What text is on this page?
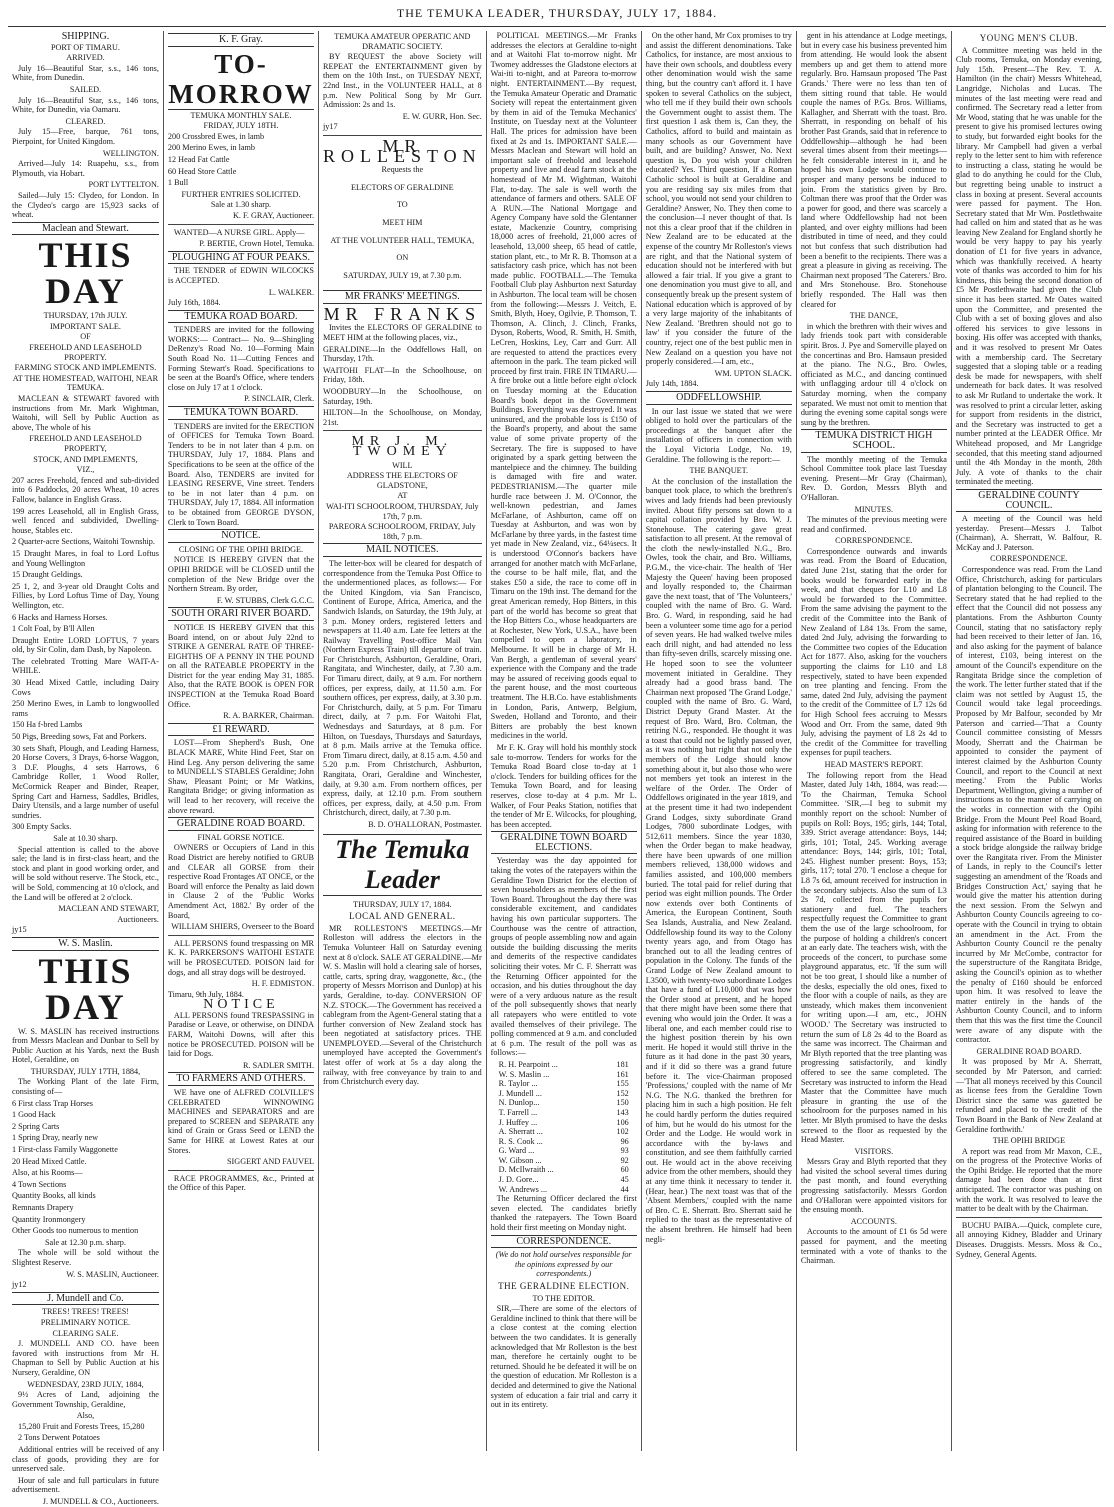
THE TEMUKA LEADER, THURSDAY, JULY 17, 1884.
SHIPPING.
PORT OF TIMARU.
ARRIVED.

July 16—Beautiful Star, s.s., 146 tons, White, from Dunedin.

SAILED.

July 16—Beautiful Star, s.s., 146 tons, White, for Dunedin, via Oamaru.

CLEARED.

July 15—Free, barque, 761 tons, Pierpoint, for United Kingdom.

WELLINGTON.

Arrived—July 14: Ruapehu, s.s., from Plymouth, via Hobart.

PORT LYTTELTON.

Sailed—July 15: Clydeo, for London. In the Clydeo's cargo are 15,923 sacks of wheat.

Maclean and Stewart.
THIS DAY
THURSDAY, 17th JULY.
IMPORTANT SALE.
OF
FREEHOLD AND LEASEHOLD PROPERTY.
FARMING STOCK AND IMPLEMENTS.
AT THE HOMESTEAD, WAITOHI, NEAR TEMUKA.

MACLEAN & STEWART favored with instructions from Mr. Mark Wightman, Waitohi, will Sell by Public Auction as above, The whole of his

FREEHOLD AND LEASEHOLD PROPERTY,
STOCK, AND IMPLEMENTS,
VIZ.,

207 acres Freehold, fenced and sub-divided into 6 Paddocks, 20 acres Wheat, 10 acres Fallow, balance in English Grass.

199 acres Leasehold, all in English Grass, well fenced and subdivided, Dwelling-house, Stables etc.

2 Quarter-acre Sections, Waitohi Township.

15 Draught Mares, in foal to Lord Loftus and Young Wellington

15 Draught Geldings.

25 1, 2, and 3-year old Draught Colts and Fillies, by Lord Loftus Time of Day, Young Wellington, etc.

6 Hacks and Harness Horses.

1 Colt Foal, by B'll Allen

Draught Entire LORD LOFTUS, 7 years old, by Sir Colin, dam Dash, by Napoleon.

The celebrated Trotting Mare WAIT-A-WHILE.

30 Head Mixed Cattle, including Dairy Cows

250 Merino Ewes, in Lamb to longwoolled rams

150 Ha f-bred Lambs

50 Pigs, Breeding sows, Fat and Porkers.

30 sets Shaft, Plough, and Leading Harness, 20 Horse Covers, 3 Drays, 6-horse Waggon, 3 D.F. Ploughs, 4 sets Harrows, 6 Cambridge Roller, 1 Wood Roller, McCormick Reaper and Binder, Reaper, Spring Cart and Harness, Saddles, Bridles, Dairy Utensils, and a large number of useful sundries.

300 Empty Sacks.

Sale at 10.30 sharp.

Special attention is called to the above sale; the land is in first-class heart, and the stock and plant in good working order, and will be sold without reserve. The Stock, etc., will be Sold, commencing at 10 o'clock, and the Land will be offered at 2 o'clock.

MACLEAN AND STEWART,
Auctioneers.
jy15
W. S. Maslin.
THIS DAY

W. S. MASLIN has received instructions from Messrs Maclean and Dunbar to Sell by Public Auction at his Yards, next the Bush Hotel, Geraldine, on

THURSDAY, JULY 17TH, 1884,

The Working Plant of the late Firm, consisting of—

6 First class Trap Horses

1 Good Hack

2 Spring Carts

1 Spring Dray, nearly new

1 First-class Family Waggonette

20 Head Mixed Cattle.

Also, at his Rooms—

4 Town Sections

Quantity Books, all kinds

Remnants Drapery

Quantity Ironmongery

Other Goods too numerous to mention

Sale at 12.30 p.m. sharp.

The whole will be sold without the Slightest Reserve.

W. S. MASLIN, Auctioneer.
jy12
J. Mundell and Co.
TREES! TREES! TREES!
PRELIMINARY NOTICE.
CLEARING SALE.

J. MUNDELL AND CO. have been favored with instructions from Mr H. Chapman to Sell by Public Auction at his Nursery, Geraldine, ON

WEDNESDAY, 23RD JULY, 1884,

9½ Acres of Land, adjoining the Government Township, Geraldine,

Also,

15,280 Fruit and Forests Trees, 15,280

2 Tons Derwent Potatoes

Additional entries will be received of any class of goods, providing they are for unreserved sale.

Hour of sale and full particulars in future advertisement.

J. MUNDELL & CO., Auctioneers.
K. F. Gray.
TO-MORROW
TEMUKA MONTHLY SALE.
FRIDAY, JULY 18TH.

200 Crossbred Ewes, in lamb

200 Merino Ewes, in lamb

12 Head Fat Cattle

60 Head Store Cattle

1 Bull

FURTHER ENTRIES SOLICITED.
Sale at 1.30 sharp.
K. F. GRAY, Auctioneer.

WANTED—A NURSE GIRL. Apply—

P. BERTIE, Crown Hotel, Temuka.
PLOUGHING AT FOUR PEAKS.

THE TENDER of EDWIN WILCOCKS is ACCEPTED.

L. WALKER.
July 16th, 1884.
TEMUKA ROAD BOARD.

TENDERS are invited for the following WORKS:— Contract— No. 9—Shingling DeRenzy's Road No. 10—Forming Main South Road No. 11—Cutting Fences and Forming Stewart's Road. Specifications to be seen at the Board's Office, where tenders close on July 17 at 1 o'clock.

P. SINCLAIR, Clerk.
TEMUKA TOWN BOARD.

TENDERS are invited for the ERECTION of OFFICES for Temuka Town Board. Tenders to be in not later than 4 p.m. on THURSDAY, July 17, 1884. Plans and Specifications to be seen at the office of the Board. Also, TENDERS are invited for LEASING RESERVE, Vine street. Tenders to be in not later than 4 p.m. on THURSDAY, July 17, 1884. All information to be obtained from GEORGE DYSON, Clerk to Town Board.

NOTICE.
CLOSING OF THE OPIHI BRIDGE.

NOTICE IS HEREBY GIVEN that the OPIHI BRIDGE will be CLOSED until the completion of the New Bridge over the Northern Stream. By order,

F. W. STUBBS, Clerk G.C.C.
SOUTH ORARI RIVER BOARD.

NOTICE IS HEREBY GIVEN that this Board intend, on or about July 22nd to STRIKE A GENERAL RATE OF THREE-EIGHTHS OF A PENNY IN THE POUND on all the RATEABLE PROPERTY in the District for the year ending May 31, 1885. Also, that the RATE BOOK is OPEN FOR INSPECTION at the Temuka Road Board Office.

R. A. BARKER, Chairman.
£1 REWARD.

LOST—From Shepherd's Bush, One BLACK MARE, White Hind Feet, Star on Hind Leg. Any person delivering the same to MUNDELL'S STABLES Geraldine; John Shaw, Pleasant Point; or Mr Watkins, Rangitata Bridge; or giving information as will lead to her recovery, will receive the above reward.

GERALDINE ROAD BOARD.
FINAL GORSE NOTICE.

OWNERS or Occupiers of Land in this Road District are hereby notified to GRUB and CLEAR all GORSE from their respective Road Frontages AT ONCE, or the Board will enforce the Penalty as laid down in Clause 2 of the 'Public Works Amendment Act, 1882.' By order of the Board,

WILLIAM SHIERS, Overseer to the Board

ALL PERSONS found trespassing on MR K. K. PARKERSON'S WAITOHI ESTATE will be PROSECUTED. POISON laid for dogs, and all stray dogs will be destroyed.

H. F. EDMISTON.
Timaru, 9th July, 1884.
NOTICE

ALL PERSONS found TRESPASSING in Paradise or Leave, or otherwise, on DINDA FARM, Waitohi Downs, will after this notice be PROSECUTED. POISON will be laid for Dogs.

R. SADLER SMITH.
TO FARMERS AND OTHERS.

WE have one of ALFRED COLVILLE'S CELEBRATED WINNOWING MACHINES and SEPARATORS and are prepared to SCREEN and SEPARATE any kind of Grain or Grass Seed or LEND the Same for HIRE at Lowest Rates at our Stores.

SIGGERT AND FAUVEL

RACE PROGRAMMES, &c., Printed at the Office of this Paper.

TEMUKA AMATEUR OPERATIC AND DRAMATIC SOCIETY.

BY REQUEST the above Society will REPEAT the ENTERTAINMENT given by them on the 10th Inst., on TUESDAY NEXT, 22nd Inst., in the VOLUNTEER HALL, at 8 p.m. New Political Song by Mr Gurr. Admission: 2s and 1s.

E. W. GURR, Hon. Sec.
jy17
MR ROLLESTON
Requests the
ELECTORS OF GERALDINE
TO
MEET HIM
AT THE VOLUNTEER HALL, TEMUKA,
ON
SATURDAY, JULY 19, at 7.30 p.m.
MR FRANKS' MEETINGS.
MR FRANKS

Invites the ELECTORS OF GERALDINE to MEET HIM at the following places, viz.,

GERALDINE—In the Oddfellows Hall, on Thursday, 17th.

WAITOHI FLAT—In the Schoolhouse, on Friday, 18th.

WOODBURY—In the Schoolhouse, on Saturday, 19th.

HILTON—In the Schoolhouse, on Monday, 21st.

MR J. M. TWOMEY
WILL
ADDRESS THE ELECTORS OF GLADSTONE,
AT
WAI-ITI SCHOOLROOM, THURSDAY, July 17th, 7 p.m.
PAREORA SCHOOLROOM, FRIDAY, July 18th, 7 p.m.
MAIL NOTICES.

The letter-box will be cleared for despatch of correspondence from the Temuka Post Office to the undermentioned places, as follows:— For the United Kingdom, via San Francisco, Continent of Europe, Africa, America, and the Sandwich Islands, on Saturday, the 19th July, at 3 p.m. Money orders, registered letters and newspapers at 11.40 a.m. Late fee letters at the Railway Travelling Post-office Mail Van (Northern Express Train) till departure of train. For Christchurch, Ashburton, Geraldine, Orari, Rangitata, and Winchester, daily, at 7.30 a.m. For Timaru direct, daily, at 9 a.m. For northern offices, per express, daily, at 11.50 a.m. For southern offices, per express, daily, at 3.30 p.m. For Christchurch, daily, at 5 p.m. For Timaru direct, daily, at 7 p.m. For Waitohi Flat, Wednesdays and Saturdays, at 8 p.m. For Hilton, on Tuesdays, Thursdays and Saturdays, at 8 p.m. Mails arrive at the Temuka office. From Timaru direct, daily, at 8.15 a.m. 4.50 and 5.20 p.m. From Christchurch, Ashburton, Rangitata, Orari, Geraldine and Winchester, daily, at 9.30 a.m. From northern offices, per express, daily, at 12.10 p.m. From southern offices, per express, daily, at 4.50 p.m. From Christchurch, direct, daily, at 7.30 p.m.

B. D. O'HALLORAN, Postmaster.
The Temuka Leader
THURSDAY, JULY 17, 1884.
LOCAL AND GENERAL.

MR ROLLESTON'S MEETINGS.—Mr Rolleston will address the electors in the Temuka Volunteer Hall on Saturday evening next at 8 o'clock. SALE AT GERALDINE.—Mr W. S. Maslin will hold a clearing sale of horses, cattle, carts, spring dray, waggonette, &c., (the property of Messrs Morrison and Dunlop) at his yards, Geraldine, to-day. CONVERSION OF N.Z. STOCK.—The Government has received a cablegram from the Agent-General stating that a further conversion of New Zealand stock has been negotiated at satisfactory prices. THE UNEMPLOYED.—Several of the Christchurch unemployed have accepted the Government's latest offer of work at 5s a day along the railway, with free conveyance by train to and from Christchurch every day.

POLITICAL MEETINGS.—Mr Franks addresses the electors at Geraldine to-night and at Waitohi Flat to-morrow night. Mr Twomey addresses the Gladstone electors at Wai-iti to-night, and at Pareora to-morrow night. ENTERTAINMENT.—By request, the Temuka Amateur Operatic and Dramatic Society will repeat the entertainment given by them in aid of the Temuka Mechanics' Institute, on Tuesday next at the Volunteer Hall. The prices for admission have been fixed at 2s and 1s. IMPORTANT SALE.—Messrs Maclean and Stewart will hold an important sale of freehold and leasehold property and live and dead farm stock at the homestead of Mr M. Wightman, Waitohi Flat, to-day. The sale is well worth the attendance of farmers and others. SALE OF A RUN.—The National Mortgage and Agency Company have sold the Glentanner estate, Mackenzie Country, comprising 18,000 acres of freehold, 21,000 acres of leasehold, 13,000 sheep, 65 head of cattle, station plant, etc., to Mr R. B. Thomson at a satisfactory cash price, which has not been made public. FOOTBALL.—The Temuka Football Club play Ashburton next Saturday in Ashburton. The local team will be chosen from the following:—Messrs J. Veitch, E. Smith, Blyth, Hoey, Ogilvie, P. Thomson, T. Thomson, A. Clinch, J. Clinch, Franks, Dyson, Roberts, Wood, R. Smith, H. Smith, LeCren, Hoskins, Ley, Carr and Gurr. All are requested to attend the practices every afternoon in the park. The team picked will proceed by first train. FIRE IN TIMARU.—A fire broke out a little before eight o'clock on Tuesday morning at the Education Board's book depot in the Government Buildings. Everything was destroyed. It was uninsured, and the probable loss is £150 of the Board's property, and about the same value of some private property of the Secretary. The fire is supposed to have originated by a spark getting between the mantelpiece and the chimney. The building is damaged with fire and water. PEDESTRIANISM.—The quarter mile hurdle race between J. M. O'Connor, the well-known pedestrian, and James McFarlane, of Ashburton, came off on Tuesday at Ashburton, and was won by McFarlane by three yards, in the fastest time yet made in New Zealand, viz., 64¼secs. It is understood O'Connor's backers have arranged for another match with McFarlane, the course to be half mile, flat, and the stakes £50 a side, the race to come off in Timaru on the 19th inst. The demand for the great American remedy, Hop Bitters, in this part of the world has become so great that the Hop Bitters Co., whose headquarters are at Rochester, New York, U.S.A., have been compelled to open a laboratory, in Melbourne. It will be in charge of Mr H. Van Bergh, a gentleman of several years' experience with the Company and the trade may be assured of receiving goods equal to the parent house, and the most courteous treatment. The H.B.Co. have establishments in London, Paris, Antwerp, Belgium, Sweden, Holland and Toronto, and their Bitters are probably the best known medicines in the world.

Mr F. K. Gray will hold his monthly stock sale to-morrow. Tenders for works for the Temuka Road Board close to-day at 1 o'clock. Tenders for building offices for the Temuka Town Board, and for leasing reserves, close to-day at 4 p.m. Mr L. Walker, of Four Peaks Station, notifies that the tender of Mr E. Wilcocks, for ploughing, has been accepted.

GERALDINE TOWN BOARD ELECTIONS.

Yesterday was the day appointed for taking the votes of the ratepayers within the Geraldine Town District for the election of seven householders as members of the first Town Board. Throughout the day there was considerable excitement, and candidates having his own particular supporters. The Courthouse was the centre of attraction, groups of people assembling now and again outside the building discussing the merits and demerits of the respective candidates soliciting their votes. Mr C. F. Sherratt was the Returning Officer appointed for the occasion, and his duties throughout the day were of a very arduous nature as the result of the poll subsequently shows that nearly all ratepayers who were entitled to vote availed themselves of their privilege. The polling commenced at 9 a.m. and concluded at 6 p.m. The result of the poll was as follows:—

R. H. Pearpoint ...	181
W. S. Maslin ...	161
R. Taylor ...	155
J. Mundell ...	152
N. Dunlop...	150
T. Farrell ...	143
J. Huffey ...	106
A. Sherratt ...	102
R. S. Cook ...	96
G. Ward ...	93
W. Gibson ...	92
D. McIlwraith ...	60
J. D. Gore...	45
W. Andrews ...	44

The Returning Officer declared the first seven elected. The candidates briefly thanked the ratepayers. The Town Board hold their first meeting on Monday night.

CORRESPONDENCE.
(We do not hold ourselves responsible for the opinions expressed by our correspondents.)
THE GERALDINE ELECTION.
TO THE EDITOR.

SIR,—There are some of the electors of Geraldine inclined to think that there will be a close contest at the coming election between the two candidates. It is generally acknowledged that Mr Rolleston is the best man, therefore he certainly ought to be returned. Should he be defeated it will be on the question of education. Mr Rolleston is a decided and determined to give the National system of education a fair trial and carry it out in its entirety.

On the other hand, Mr Cox promises to try and assist the different denominations. Take Catholics, for instance, are most anxious to have their own schools, and doubtless every other denomination would wish the same thing, but the country can't afford it. I have spoken to several Catholics on the subject, who tell me if they build their own schools the Government ought to assist them. The first question I ask them is, Can they, the Catholics, afford to build and maintain as many schools as our Government have built, and are building? Answer, No. Next question is, Do you wish your children educated? Yes. Third question, If a Roman Catholic school is built at Geraldine and you are residing say six miles from that school, you would not send your children to Geraldine? Answer, No. They then come to the conclusion—I never thought of that. Is not this a clear proof that if the children in New Zealand are to be educated at the expense of the country Mr Rolleston's views are right, and that the National system of education should not be interfered with but allowed a fair trial. If you give a grant to one denomination you must give to all, and consequently break up the present system of National education which is approved of by a very large majority of the inhabitants of New Zealand. 'Brethren should not go to law' if you consider the future of the country, reject one of the best public men in New Zealand on a question you have not properly considered.—I am, etc.,

WM. UPTON SLACK.
July 14th, 1884.
ODDFELLOWSHIP.

In our last issue we stated that we were obliged to hold over the particulars of the proceedings at the banquet after the installation of officers in connection with the Loyal Victoria Lodge, No. 19, Geraldine. The following is the report:—

THE BANQUET.

At the conclusion of the installation the banquet took place, to which the brethren's wives and lady friends had been previously invited. About fifty persons sat down to a capital collation provided by Bro. W. J. Stonehouse. The catering gave great satisfaction to all present. At the removal of the cloth the newly-installed N.G., Bro. Owles, took the chair, and Bro. Williams, P.G.M., the vice-chair. The health of 'Her Majesty the Queen' having been proposed and loyally responded to, the Chairman gave the next toast, that of 'The Volunteers,' coupled with the name of Bro. G. Ward. Bro. G. Ward, in responding, said he had been a volunteer some time ago for a period of seven years. He had walked twelve miles each drill night, and had attended no less than fifty-seven drills, scarcely missing one. He hoped soon to see the volunteer movement initiated in Geraldine. They already had a good brass band. The Chairman next proposed 'The Grand Lodge,' coupled with the name of Bro. G. Ward, District Deputy Grand Master. At the request of Bro. Ward, Bro. Coltman, the retiring N.G., responded. He thought it was a toast that could not be lightly passed over, as it was nothing but right that not only the members of the Lodge should know something about it, but also those who were not members yet took an interest in the welfare of the Order. The Order of Oddfellows originated in the year 1819, and at the present time it had two independent Grand Lodges, sixty subordinate Grand Lodges, 7800 subordinate Lodges, with 512,611 members. Since the year 1830, when the Order began to make headway, there have been upwards of one million members relieved, 138,000 widows and families assisted, and 100,000 members buried. The total paid for relief during that period was eight million pounds. The Order now extends over both Continents of America, the European Continent, South Sea Islands, Australia, and New Zealand. Oddfellowship found its way to the Colony twenty years ago, and from Otago has branched out to all the leading centres of population in the Colony. The funds of the Grand Lodge of New Zealand amount to L3500, with twenty-two subordinate Lodges that have a fund of L10,000 that was how the Order stood at present, and he hoped that there might have been some there that evening who would join the Order. It was a liberal one, and each member could rise to the highest position therein by his own merit. He hoped it would still thrive in the future as it had done in the past 30 years, and if it did so there was a grand future before it. The vice-Chairman proposed 'Professions,' coupled with the name of Mr N.G. The N.G. thanked the brethren for placing him in such a high position. He felt he could hardly perform the duties required of him, but he would do his utmost for the Order and the Lodge. He would work in accordance with the by-laws and constitution, and see them faithfully carried out. He would act in the above receiving advice from the other members, should they at any time think it necessary to tender it. (Hear, hear.) The next toast was that of the 'Absent Members,' coupled with the name of Bro. C. E. Sherratt. Bro. Sherratt said he replied to the toast as the representative of the absent brethren. He himself had been negli-

gent in his attendance at Lodge meetings, but in every case his business prevented him from attending. He would look the absent members up and get them to attend more regularly. Bro. Hamsaun proposed 'The Past Grands.' There were no less than ten of them sitting round that table. He would couple the names of P.Gs. Bros. Williams, Kallagher, and Sherratt with the toast. Bro. Sherratt, in responding on behalf of his brother Past Grands, said that in reference to Oddfellowship—although he had been several times absent from their meetings—he felt considerable interest in it, and he hoped his own Lodge would continue to prosper and many persons be induced to join. From the statistics given by Bro. Coltman there was proof that the Order was a power for good, and there was scarcely a land where Oddfellowship had not been planted, and over eighty millions had been distributed in time of need, and they could not but confess that such distribution had been a benefit to the recipients. There was a great a pleasure in giving as receiving. The Chairman next proposed 'The Caterers.' Bro. and Mrs Stonehouse. Bro. Stonehouse briefly responded. The Hall was then cleared for

THE DANCE,

in which the brethren with their wives and lady friends took part with considerable spirit. Bros. J. Pye and Somerville played on the concertinas and Bro. Hamsaun presided at the piano. The N.G., Bro. Owles, officiated as M.C., and dancing continued with unflagging ardour till 4 o'clock on Saturday morning, when the company separated. We must not omit to mention that during the evening some capital songs were sung by the brethren.

TEMUKA DISTRICT HIGH SCHOOL.

The monthly meeting of the Temuka School Committee took place last Tuesday evening. Present—Mr Gray (Chairman), Rev. D. Gordon, Messrs Blyth and O'Halloran.

MINUTES.

The minutes of the previous meeting were read and confirmed.

CORRESPONDENCE.

Correspondence outwards and inwards was read. From the Board of Education, dated June 21st, stating that the order for books would be forwarded early in the week, and that cheques for L10 and L8 would be forwarded to the Committee. From the same advising the payment to the credit of the Committee into the Bank of New Zealand of L84 13s. From the same, dated 2nd July, advising the forwarding to the Committee two copies of the Education Act for 1877. Also, asking for the vouchers supporting the claims for L10 and L8 respectively, stated to have been expended on tree planting and fencing. From the same, dated 2nd July, advising the payment to the credit of the Committee of L7 12s 6d for High School fees accruing to Messrs Wood and Orr. From the same, dated 9th July, advising the payment of L8 2s 4d to the credit of the Committee for travelling expenses for pupil teachers.

HEAD MASTER'S REPORT.

The following report from the Head Master, dated July 14th, 1884, was read:— 'To the Chairman, Temuka School Committee. 'SIR,—I beg to submit my monthly report on the school: Number of pupils on Roll: Boys, 195; girls, 144; Total, 339. Strict average attendance: Boys, 144; girls, 101; Total, 245. Working average attendance: Boys, 144; girls, 101; Total, 245. Highest number present: Boys, 153; girls, 117; total 270. 'I enclose a cheque for L8 7s 6d, amount received for instruction in the secondary subjects. Also the sum of L3 2s 7d, collected from the pupils for stationery and fuel. 'The teachers respectfully request the Committee to grant them the use of the large schoolroom, for the purpose of holding a children's concert at an early date. The teachers wish, with the proceeds of the concert, to purchase some playground apparatus, etc. 'If the sum will not be too great, I should like a number of the desks, especially the old ones, fixed to the floor with a couple of nails, as they are unsteady, which makes them inconvenient for writing upon.—I am, etc., JOHN WOOD.' The Secretary was instructed to return the sum of L8 2s 4d to the Board as the same was incorrect. The Chairman and Mr Blyth reported that the tree planting was progressing satisfactorily, and kindly offered to see the same completed. The Secretary was instructed to inform the Head Master that the Committee have much pleasure in granting the use of the schoolroom for the purposes named in his letter. Mr Blyth promised to have the desks screwed to the floor as requested by the Head Master.

VISITORS.

Messrs Gray and Blyth reported that they had visited the school several times during the past month, and found everything progressing satisfactorily. Messrs Gordon and O'Halloran were appointed visitors for the ensuing month.

ACCOUNTS.

Accounts to the amount of £1 6s 5d were passed for payment, and the meeting terminated with a vote of thanks to the Chairman.

YOUNG MEN'S CLUB.

A Committee meeting was held in the Club rooms, Temuka, on Monday evening, July 15th. Present—The Rev. T. A. Hamilton (in the chair) Messrs Whitehead, Langridge, Nicholas and Lucas. The minutes of the last meeting were read and confirmed. The Secretary read a letter from Mr Wood, stating that he was unable for the present to give his promised lectures owing to study, but forwarded eight books for the library. Mr Campbell had given a verbal reply to the letter sent to him with reference to instructing a class, stating he would be glad to do anything he could for the Club, but regretting being unable to instruct a class in boxing at present. Several accounts were passed for payment. The Hon. Secretary stated that Mr Wm. Postlethwaite had called on him and stated that as he was leaving New Zealand for England shortly he would be very happy to pay his yearly donation of £1 for five years in advance, which was thankfully received. A hearty vote of thanks was accorded to him for his kindness, this being the second donation of £5 Mr Postlethwaite had given the Club since it has been started. Mr Oates waited upon the Committee, and presented the Club with a set of boxing gloves and also offered his services to give lessons in boxing. His offer was accepted with thanks, and it was resolved to present Mr Oates with a membership card. The Secretary suggested that a sloping table or a reading desk be made for newspapers, with shelf underneath for back dates. It was resolved to ask Mr Rutland to undertake the work. It was resolved to print a circular letter, asking for support from residents in the district, and the Secretary was instructed to get a number printed at the LEADER Office. Mr Whitehead proposed, and Mr Langridge seconded, that this meeting stand adjourned until the 4th Monday in the month, 28th July. A vote of thanks to the chair terminated the meeting.

GERALDINE COUNTY COUNCIL.

A meeting of the Council was held yesterday. Present—Messrs J. Talbot (Chairman), A. Sherratt, W. Balfour, R. McKay and J. Paterson.

CORRESPONDENCE.

Correspondence was read. From the Land Office, Christchurch, asking for particulars of plantation belonging to the Council. The Secretary stated that he had replied to the effect that the Council did not possess any plantations. From the Ashburton County Council, stating that no satisfactory reply had been received to their letter of Jan. 16, and also asking for the payment of balance of interest, £103, being interest on the amount of the Council's expenditure on the Rangitata Bridge since the completion of the work. The letter further stated that if the claim was not settled by August 15, the Council would take legal proceedings. Proposed by Mr Balfour, seconded by Mr Paterson and carried—'That a County Council committee consisting of Messrs Moody, Sherratt and the Chairman be appointed to consider the payment of interest claimed by the Ashburton County Council, and report to the Council at next meeting.' From the Public Works Department, Wellington, giving a number of instructions as to the manner of carrying on the works in connection with the Opihi Bridge. From the Mount Peel Road Board, asking for information with reference to the required assistance of the Board in building a stock bridge alongside the railway bridge over the Rangitata river. From the Minister of Lands, in reply to the Council's letter suggesting an amendment of the 'Roads and Bridges Construction Act,' saying that he would give the matter his attention during the next session. From the Selwyn and Ashburton County Councils agreeing to co-operate with the Council in trying to obtain an amendment in the Act. From the Ashburton County Council re the penalty incurred by Mr McCombe, contractor for the superstructure of the Rangitata Bridge, asking the Council's opinion as to whether the penalty of £160 should be enforced upon him. It was resolved to leave the matter entirely in the hands of the Ashburton County Council, and to inform them that this was the first time the Council were aware of any dispute with the contractor.

GERALDINE ROAD BOARD.

It was proposed by Mr A. Sherratt, seconded by Mr Paterson, and carried:—'That all moneys received by this Council as license fees from the Geraldine Town District since the same was gazetted be refunded and placed to the credit of the Town Board in the Bank of New Zealand at Geraldine forthwith.'

THE OPIHI BRIDGE

A report was read from Mr Maxon, C.E., on the progress of the Protective Works of the Opihi Bridge. He reported that the more damage had been done than at first anticipated. The contractor was pushing on with the work. It was resolved to leave the matter to be dealt with by the Chairman.

BUCHU PAIBA.—Quick, complete cure, all annoying Kidney, Bladder and Urinary Diseases. Druggists. Messrs. Moss & Co., Sydney, General Agents.
